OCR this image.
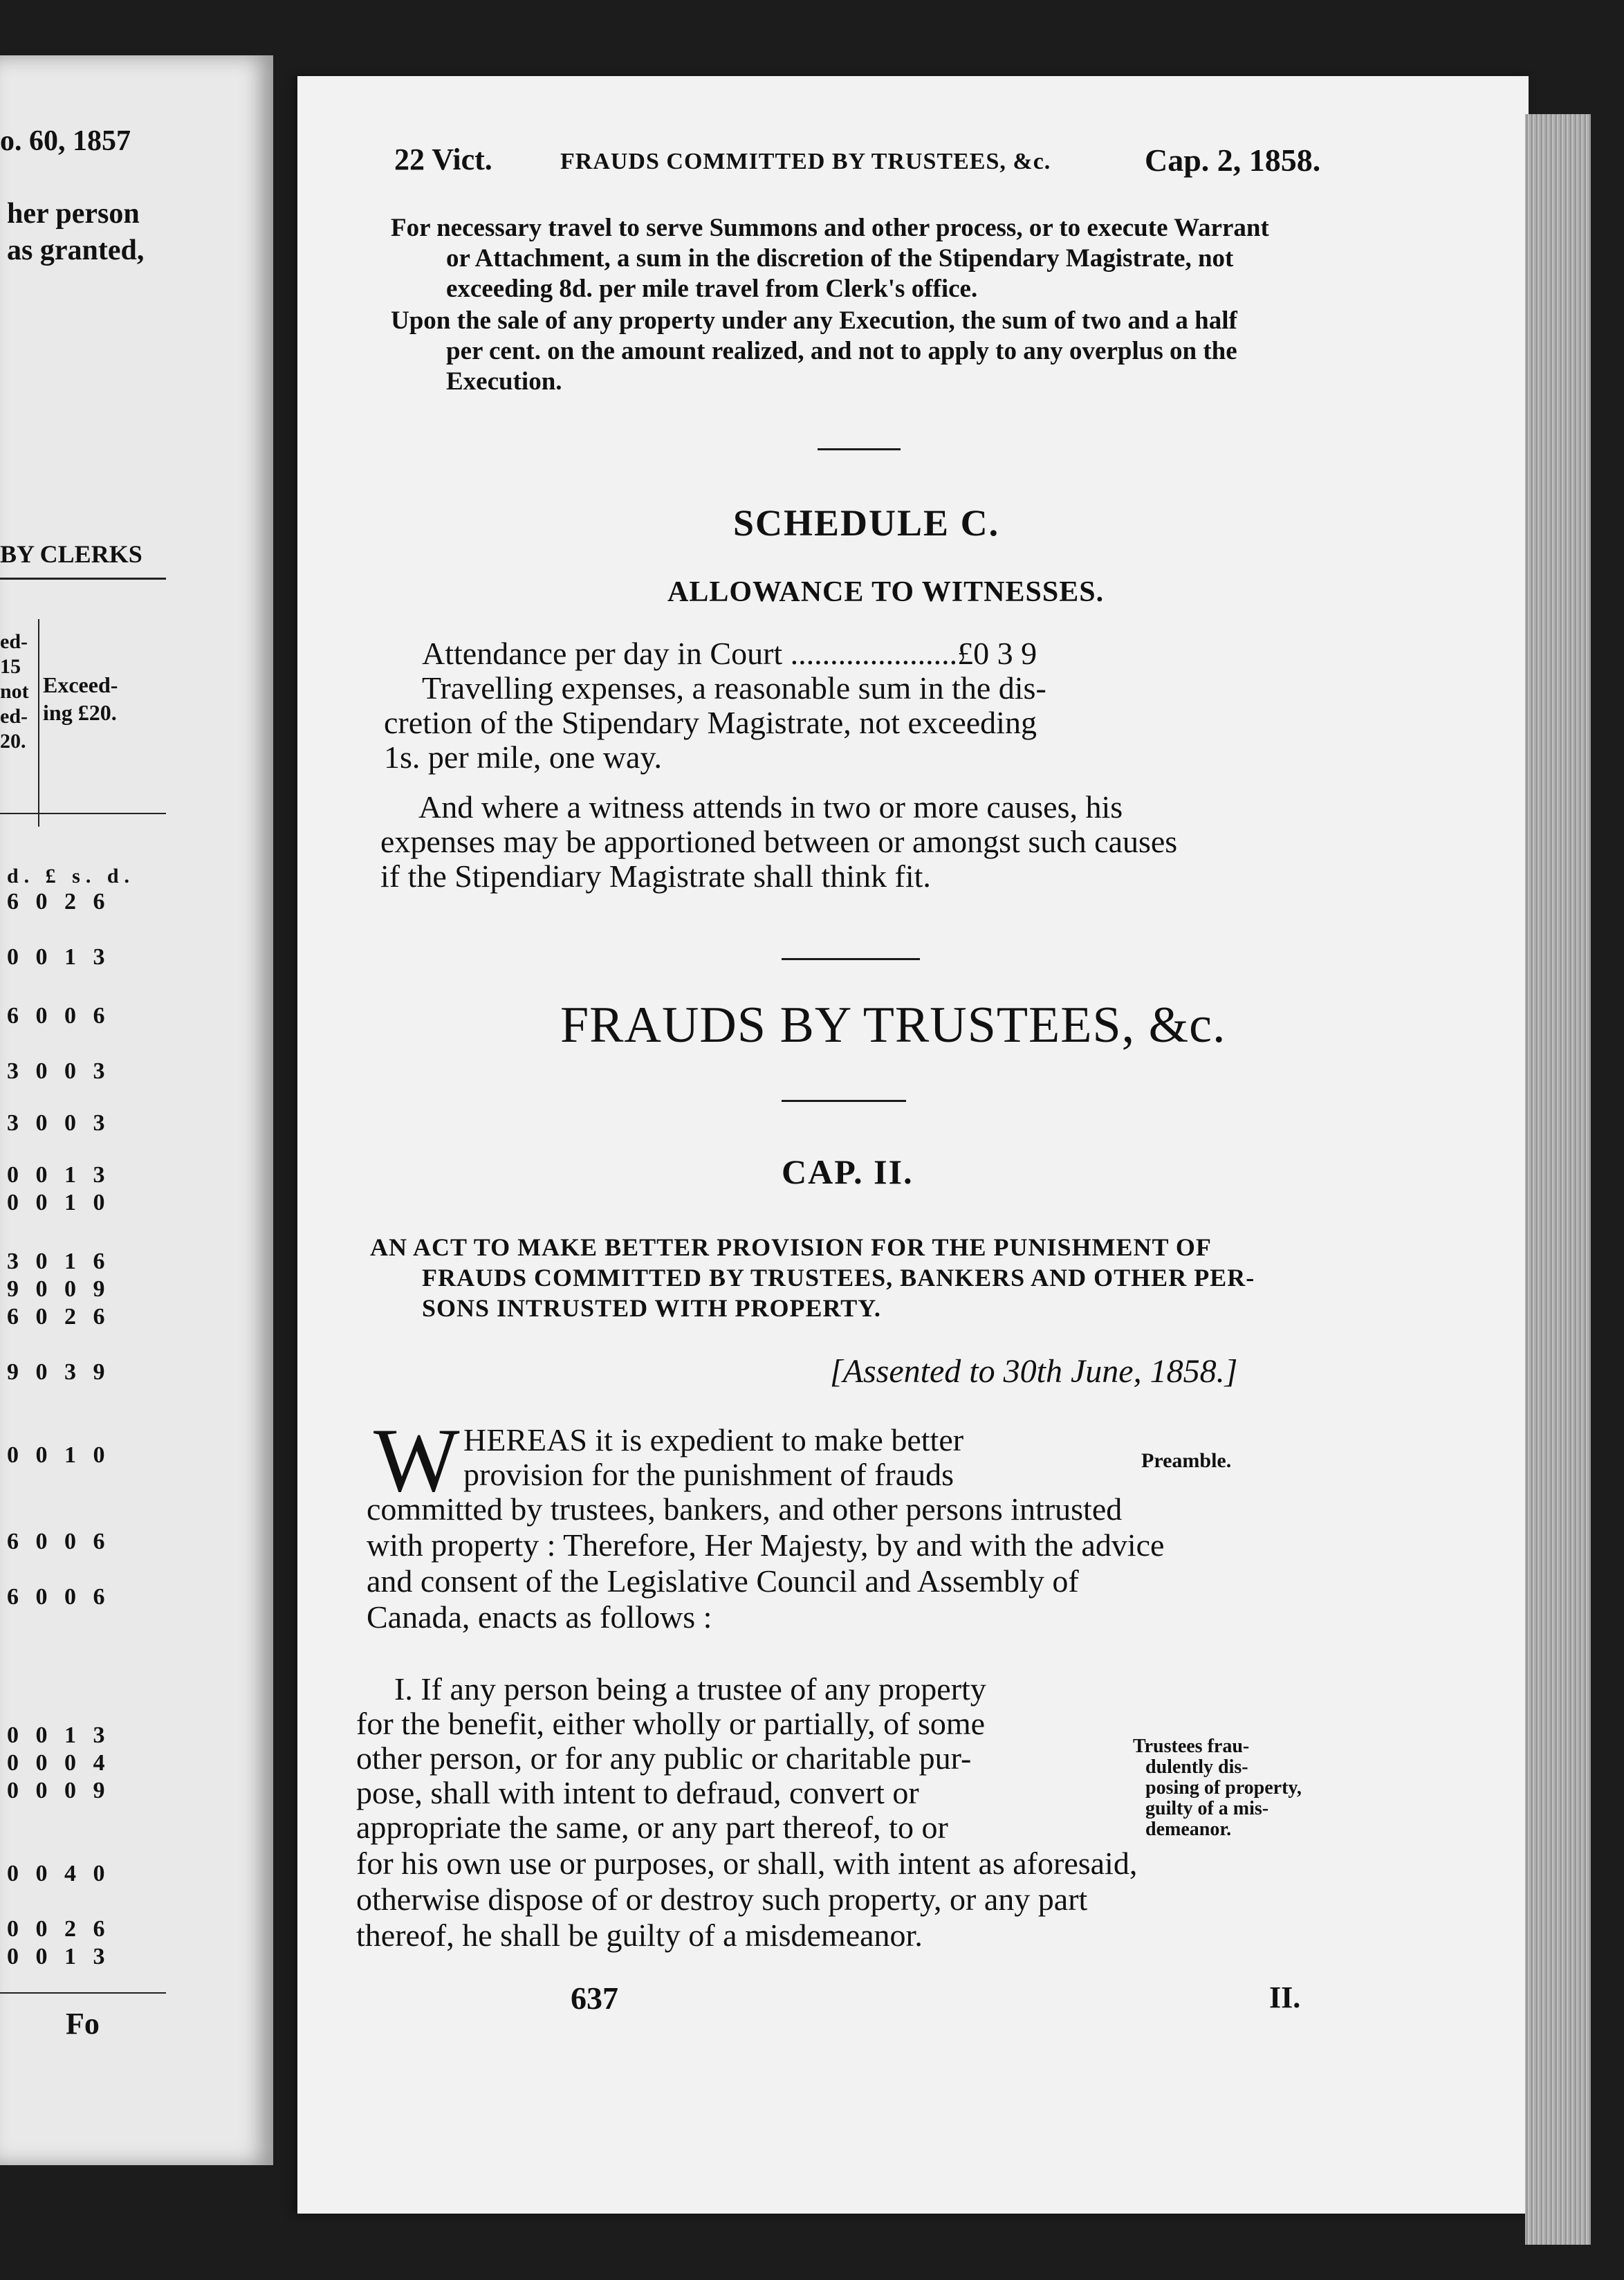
o. 60, 1857
her person
as granted,
BY CLERKS
ed-
15
not
ed-
20.
Exceed-
ing £20.
d. £ s. d.
6 0 2 6
0 0 1 3
6 0 0 6
3 0 0 3
3 0 0 3
0 0 1 3
0 0 1 0
3 0 1 6
9 0 0 9
6 0 2 6
9 0 3 9
0 0 1 0
6 0 0 6
6 0 0 6
0 0 1 3
0 0 0 4
0 0 0 9
0 0 4 0
0 0 2 6
0 0 1 3
Fo
22 Vict.	FRAUDS COMMITTED BY TRUSTEES, &c.	Cap. 2, 1858.
For necessary travel to serve Summons and other process, or to execute Warrant
or Attachment, a sum in the discretion of the Stipendary Magistrate, not
exceeding 8d. per mile travel from Clerk's office.
Upon the sale of any property under any Execution, the sum of two and a half
per cent. on the amount realized, and not to apply to any overplus on the
Execution.
SCHEDULE C.
ALLOWANCE TO WITNESSES.
Attendance per day in Court .....................£0 3 9
Travelling expenses, a reasonable sum in the dis-
cretion of the Stipendary Magistrate, not exceeding
1s. per mile, one way.
And where a witness attends in two or more causes, his
expenses may be apportioned between or amongst such causes
if the Stipendiary Magistrate shall think fit.
FRAUDS BY TRUSTEES, &c.
CAP. II.
AN ACT TO MAKE BETTER PROVISION FOR THE PUNISHMENT OF
FRAUDS COMMITTED BY TRUSTEES, BANKERS AND OTHER PER-
SONS INTRUSTED WITH PROPERTY.
[Assented to 30th June, 1858.]
W HEREAS it is expedient to make better
provision for the punishment of frauds
committed by trustees, bankers, and other persons intrusted
with property : Therefore, Her Majesty, by and with the advice
and consent of the Legislative Council and Assembly of
Canada, enacts as follows :
Preamble.
I. If any person being a trustee of any property
for the benefit, either wholly or partially, of some
other person, or for any public or charitable pur-
pose, shall with intent to defraud, convert or
appropriate the same, or any part thereof, to or
for his own use or purposes, or shall, with intent as aforesaid,
otherwise dispose of or destroy such property, or any part
thereof, he shall be guilty of a misdemeanor.
Trustees frau-
dulently dis-
posing of property,
guilty of a mis-
demeanor.
637	II.
